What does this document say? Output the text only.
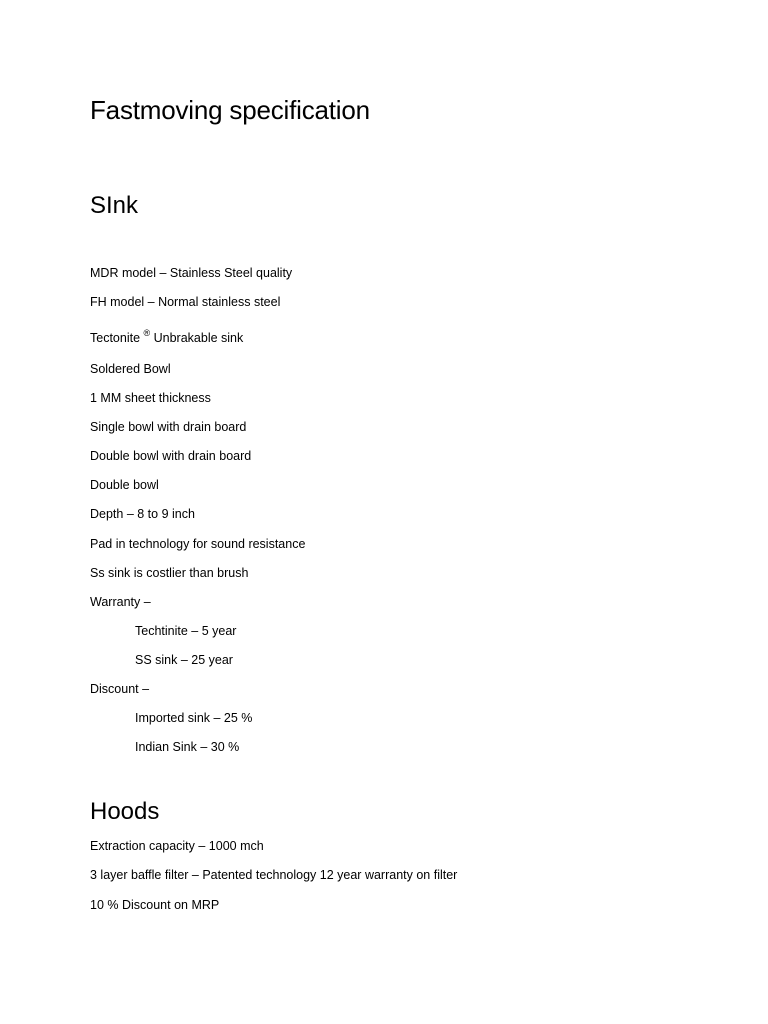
Fastmoving specification
SInk
MDR model – Stainless Steel quality
FH model – Normal stainless steel
Tectonite ® Unbrakable sink
Soldered Bowl
1 MM sheet thickness
Single bowl with drain board
Double bowl with drain board
Double bowl
Depth – 8 to 9 inch
Pad in technology for sound resistance
Ss sink is costlier than brush
Warranty –
Techtinite – 5 year
SS sink – 25 year
Discount –
Imported sink – 25 %
Indian Sink – 30 %
Hoods
Extraction capacity – 1000 mch
3 layer baffle filter – Patented technology 12 year warranty on filter
10 % Discount on MRP
